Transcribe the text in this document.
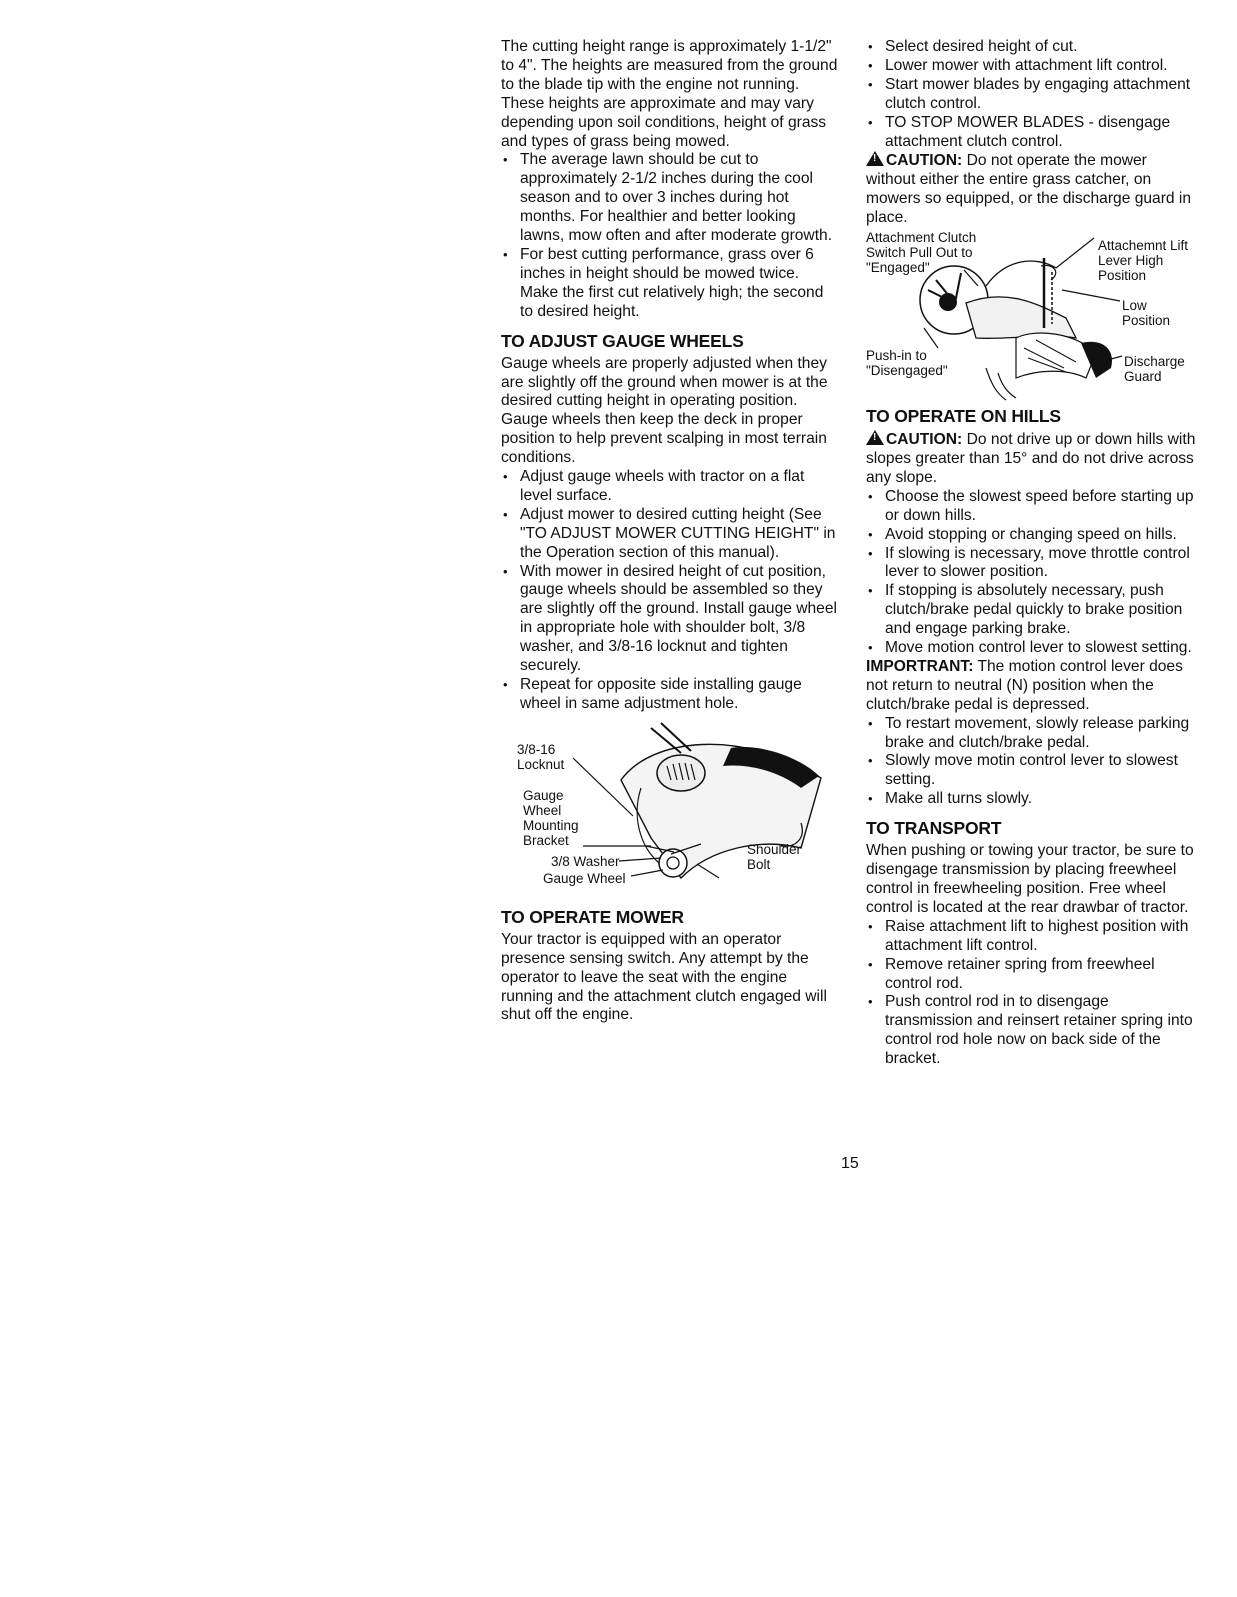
The cutting height range is approximately 1-1/2" to 4". The heights are measured from the ground to the blade tip with the engine not running. These heights are approximate and may vary depending upon soil conditions, height of grass and types of grass being mowed.

• The average lawn should be cut to approximately 2-1/2 inches during the cool season and to over 3 inches during hot months. For healthier and better looking lawns, mow often and after moderate growth.
• For best cutting performance, grass over 6 inches in height should be mowed twice. Make the first cut relatively high; the second to desired height.
TO ADJUST GAUGE WHEELS

Gauge wheels are properly adjusted when they are slightly off the ground when mower is at the desired cutting height in operating position. Gauge wheels then keep the deck in proper position to help prevent scalping in most terrain conditions.

• Adjust gauge wheels with tractor on a flat level surface.
• Adjust mower to desired cutting height (See "TO ADJUST MOWER CUTTING HEIGHT" in the Operation section of this manual).
• With mower in desired height of cut position, gauge wheels should be assembled so they are slightly off the ground. Install gauge wheel in appropriate hole with shoulder bolt, 3/8 washer, and 3/8-16 locknut and tighten securely.
• Repeat for opposite side installing gauge wheel in same adjustment hole.
3/8-16
Locknut
Gauge
Wheel
Mounting
Bracket
3/8 Washer
Gauge Wheel
Shoulder
Bolt
TO OPERATE MOWER

Your tractor is equipped with an operator presence sensing switch. Any attempt by the operator to leave the seat with the engine running and the attachment clutch engaged will shut off the engine.

• Select desired height of cut.
• Lower mower with attachment lift control.
• Start mower blades by engaging attachment clutch control.
• TO STOP MOWER BLADES - disengage attachment clutch control.

!CAUTION: Do not operate the mower without either the entire grass catcher, on mowers so equipped, or the discharge guard in place.

Attachment Clutch
Switch Pull Out to
"Engaged"
Attachemnt Lift
Lever High
Position
Low
Position
Push-in to
"Disengaged"
Discharge
Guard
TO OPERATE ON HILLS

!CAUTION: Do not drive up or down hills with slopes greater than 15° and do not drive across any slope.

• Choose the slowest speed before starting up or down hills.
• Avoid stopping or changing speed on hills.
• If slowing is necessary, move throttle control lever to slower position.
• If stopping is absolutely necessary, push clutch/brake pedal quickly to brake position and engage parking brake.
• Move motion control lever to slowest setting.

IMPORTRANT: The motion control lever does not return to neutral (N) position when the clutch/brake pedal is depressed.

• To restart movement, slowly release parking brake and clutch/brake pedal.
• Slowly move motin control lever to slowest setting.
• Make all turns slowly.
TO TRANSPORT

When pushing or towing your tractor, be sure to disengage transmission by placing freewheel control in freewheeling position. Free wheel control is located at the rear drawbar of tractor.

• Raise attachment lift to highest position with attachment lift control.
• Remove retainer spring from freewheel control rod.
• Push control rod in to disengage transmission and reinsert retainer spring into control rod hole now on back side of the bracket.
15
